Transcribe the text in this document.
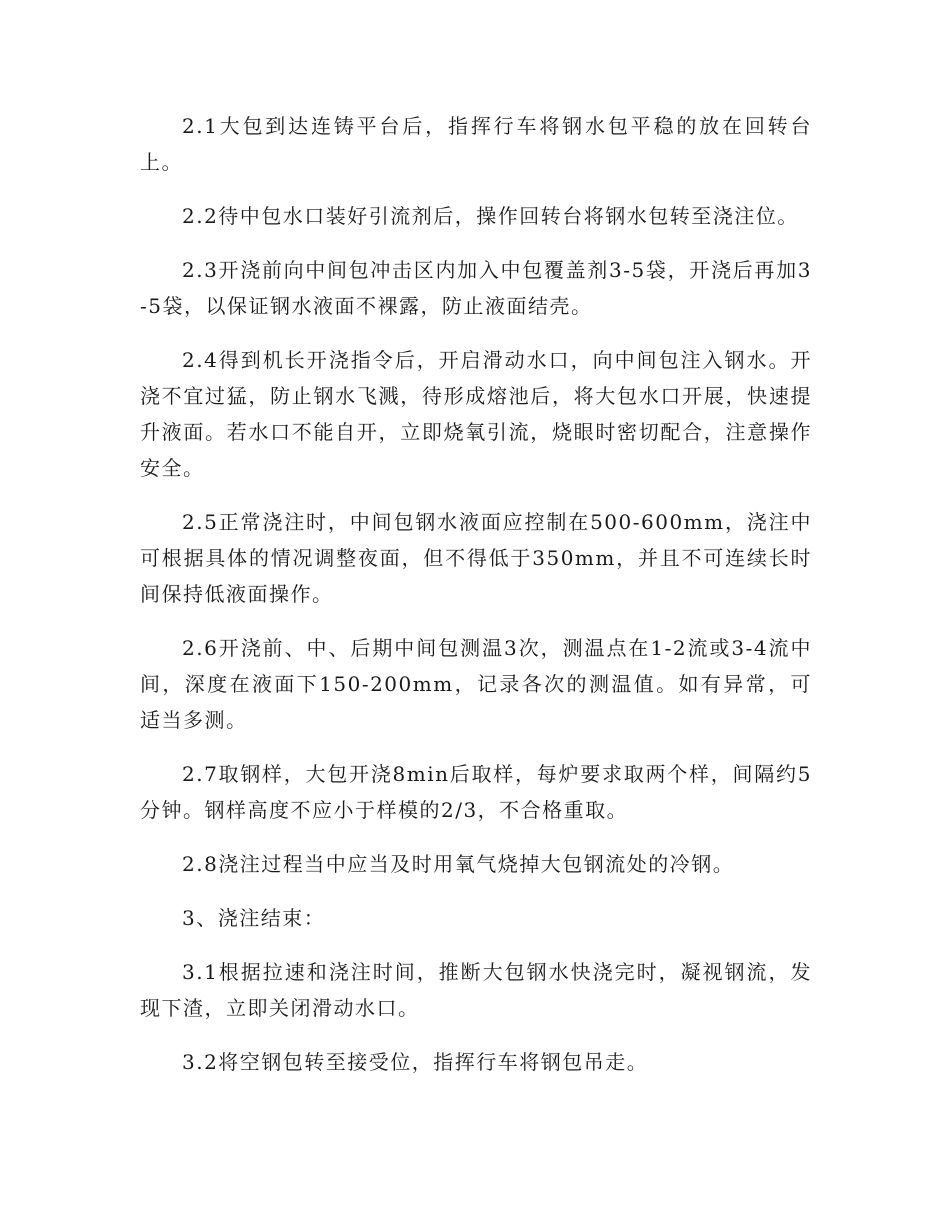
2.1大包到达连铸平台后，指挥行车将钢水包平稳的放在回转台上。

2.2待中包水口装好引流剂后，操作回转台将钢水包转至浇注位。

2.3开浇前向中间包冲击区内加入中包覆盖剂3-5袋，开浇后再加3-5袋，以保证钢水液面不裸露，防止液面结壳。

2.4得到机长开浇指令后，开启滑动水口，向中间包注入钢水。开浇不宜过猛，防止钢水飞溅，待形成熔池后，将大包水口开展，快速提升液面。若水口不能自开，立即烧氧引流，烧眼时密切配合，注意操作安全。

2.5正常浇注时，中间包钢水液面应控制在500-600mm，浇注中可根据具体的情况调整夜面，但不得低于350mm，并且不可连续长时间保持低液面操作。

2.6开浇前、中、后期中间包测温3次，测温点在1-2流或3-4流中间，深度在液面下150-200mm，记录各次的测温值。如有异常，可适当多测。

2.7取钢样，大包开浇8min后取样，每炉要求取两个样，间隔约5分钟。钢样高度不应小于样模的2/3，不合格重取。

2.8浇注过程当中应当及时用氧气烧掉大包钢流处的冷钢。

3、浇注结束：

3.1根据拉速和浇注时间，推断大包钢水快浇完时，凝视钢流，发现下渣，立即关闭滑动水口。

3.2将空钢包转至接受位，指挥行车将钢包吊走。
